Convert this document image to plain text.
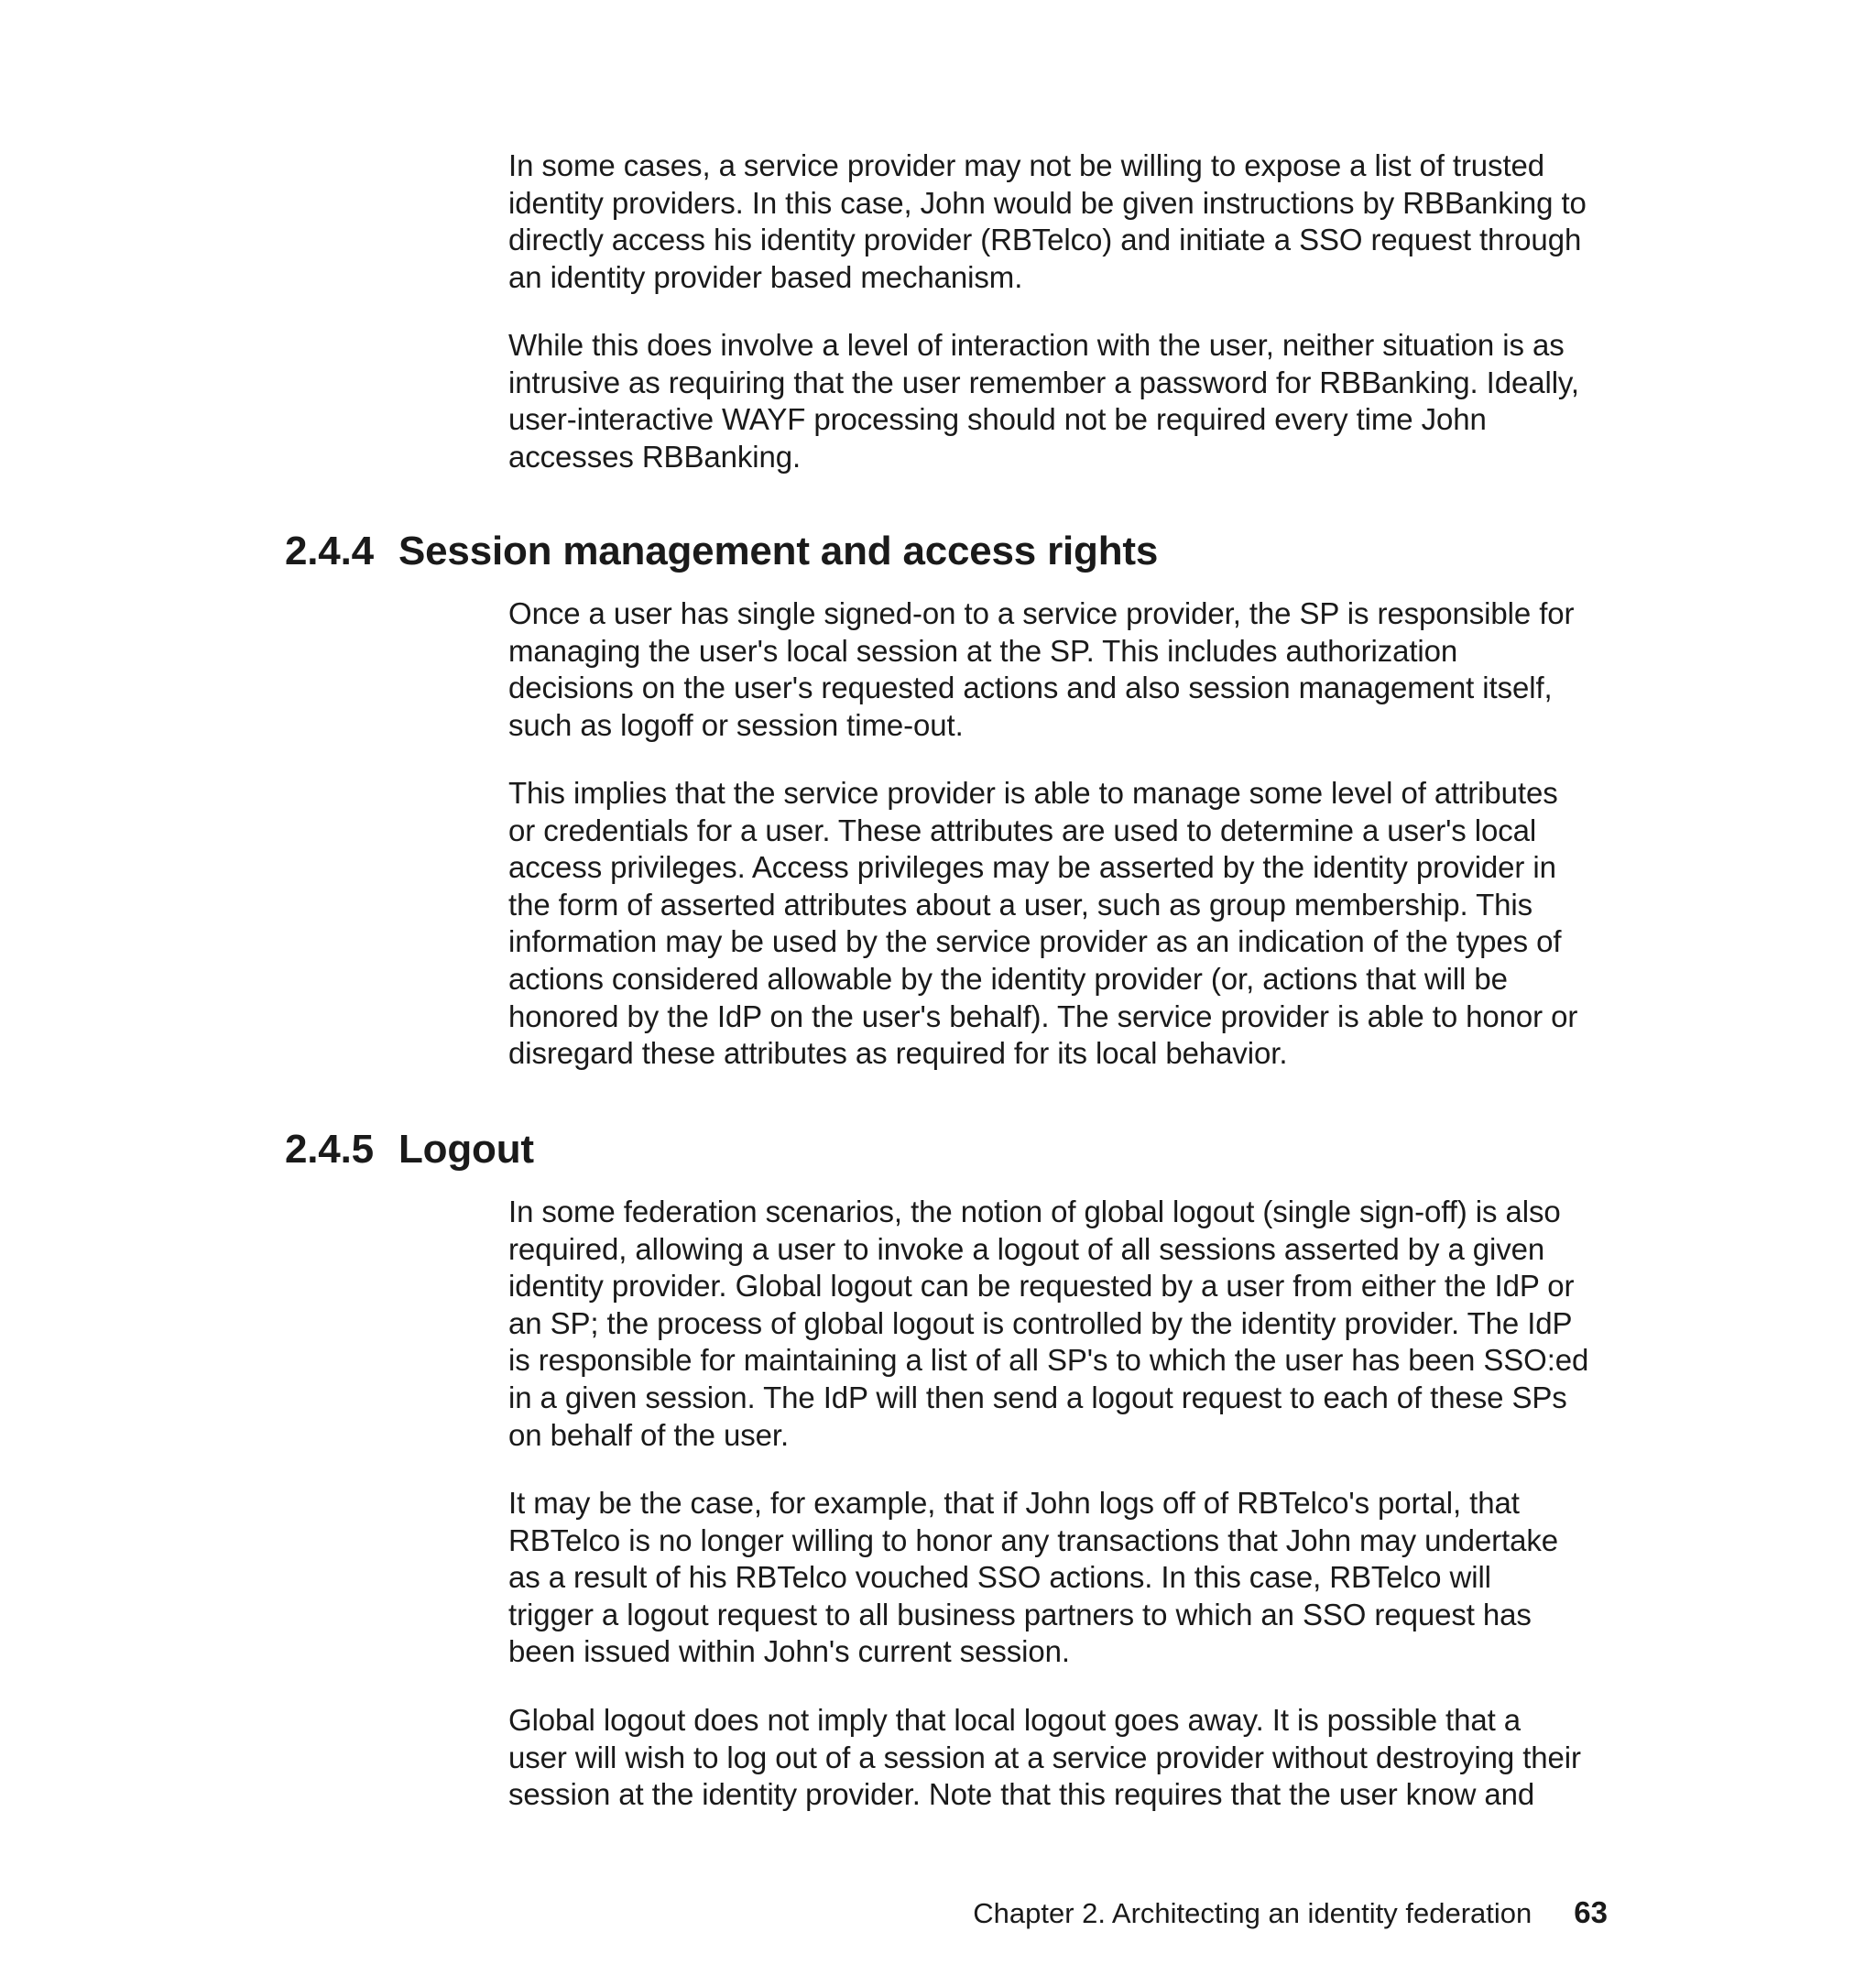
In some cases, a service provider may not be willing to expose a list of trusted
identity providers. In this case, John would be given instructions by RBBanking to
directly access his identity provider (RBTelco) and initiate a SSO request through
an identity provider based mechanism.

While this does involve a level of interaction with the user, neither situation is as
intrusive as requiring that the user remember a password for RBBanking. Ideally,
user-interactive WAYF processing should not be required every time John
accesses RBBanking.

2.4.4 Session management and access rights

Once a user has single signed-on to a service provider, the SP is responsible for
managing the user's local session at the SP. This includes authorization
decisions on the user's requested actions and also session management itself,
such as logoff or session time-out.

This implies that the service provider is able to manage some level of attributes
or credentials for a user. These attributes are used to determine a user's local
access privileges. Access privileges may be asserted by the identity provider in
the form of asserted attributes about a user, such as group membership. This
information may be used by the service provider as an indication of the types of
actions considered allowable by the identity provider (or, actions that will be
honored by the IdP on the user's behalf). The service provider is able to honor or
disregard these attributes as required for its local behavior.

2.4.5 Logout

In some federation scenarios, the notion of global logout (single sign-off) is also
required, allowing a user to invoke a logout of all sessions asserted by a given
identity provider. Global logout can be requested by a user from either the IdP or
an SP; the process of global logout is controlled by the identity provider. The IdP
is responsible for maintaining a list of all SP's to which the user has been SSO:ed
in a given session. The IdP will then send a logout request to each of these SPs
on behalf of the user.

It may be the case, for example, that if John logs off of RBTelco's portal, that
RBTelco is no longer willing to honor any transactions that John may undertake
as a result of his RBTelco vouched SSO actions. In this case, RBTelco will
trigger a logout request to all business partners to which an SSO request has
been issued within John's current session.

Global logout does not imply that local logout goes away. It is possible that a
user will wish to log out of a session at a service provider without destroying their
session at the identity provider. Note that this requires that the user know and

Chapter 2. Architecting an identity federation 63
